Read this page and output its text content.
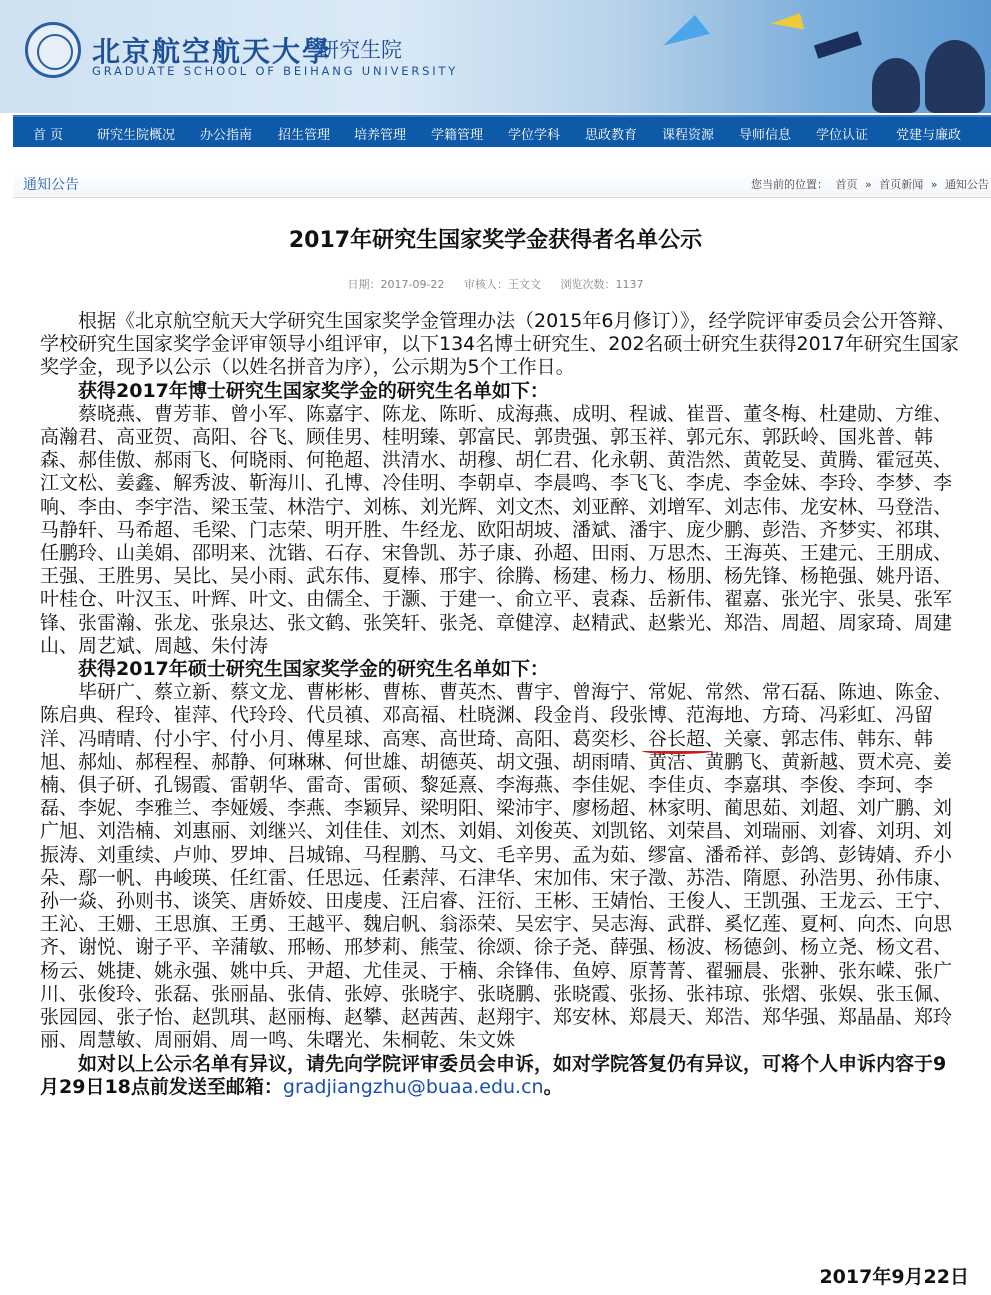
北京航空航天大學
研究生院
GRADUATE SCHOOL OF BEIHANG UNIVERSITY
首 页	研究生院概况 办公指南 招生管理 培养管理 学籍管理 学位学科 思政教育 课程资源 导师信息 学位认证 党建与廉政
通知公告	您当前的位置： 首页 » 首页新闻 » 通知公告
2017年研究生国家奖学金获得者名单公示
日期：2017-09-22 审核人：王文文 浏览次数：1137

根据《北京航空航天大学研究生国家奖学金管理办法（2015年6月修订）》，经学院评审委员会公开答辩、学校研究生国家奖学金评审领导小组评审，以下134名博士研究生、202名硕士研究生获得2017年研究生国家奖学金，现予以公示（以姓名拼音为序），公示期为5个工作日。

获得2017年博士研究生国家奖学金的研究生名单如下：

蔡晓燕、曹芳菲、曾小军、陈嘉宇、陈龙、陈昕、成海燕、成明、程诚、崔晋、董冬梅、杜建勋、方维、高瀚君、高亚贺、高阳、谷飞、顾佳男、桂明臻、郭富民、郭贵强、郭玉祥、郭元东、郭跃岭、国兆普、韩森、郝佳傲、郝雨飞、何晓雨、何艳超、洪清水、胡穆、胡仁君、化永朝、黄浩然、黄乾旻、黄腾、霍冠英、江文松、姜鑫、解秀波、靳海川、孔博、冷佳明、李朝卓、李晨鸣、李飞飞、李虎、李金妹、李玲、李梦、李响、李由、李宇浩、梁玉莹、林浩宁、刘栋、刘光辉、刘文杰、刘亚醉、刘增军、刘志伟、龙安林、马登浩、马静轩、马希超、毛梁、门志荣、明开胜、牛经龙、欧阳胡坡、潘斌、潘宇、庞少鹏、彭浩、齐梦实、祁琪、任鹏玲、山美娟、邵明来、沈锴、石存、宋鲁凯、苏子康、孙超、田雨、万思杰、王海英、王建元、王朋成、王强、王胜男、吴比、吴小雨、武东伟、夏棒、邢宇、徐腾、杨建、杨力、杨朋、杨先锋、杨艳强、姚丹语、叶桂仓、叶汉玉、叶辉、叶文、由儒全、于灏、于建一、俞立平、袁森、岳新伟、翟嘉、张光宇、张昊、张军锋、张雷瀚、张龙、张泉达、张文鹤、张笑轩、张尧、章健淳、赵精武、赵紫光、郑浩、周超、周家琦、周建山、周艺斌、周越、朱付涛

获得2017年硕士研究生国家奖学金的研究生名单如下：

毕研广、蔡立新、蔡文龙、曹彬彬、曹栋、曹英杰、曹宇、曾海宁、常妮、常然、常石磊、陈迪、陈金、陈启典、程玲、崔萍、代玲玲、代员禛、邓高福、杜晓渊、段金肖、段张博、范海地、方琦、冯彩虹、冯留洋、冯晴晴、付小宇、付小月、傅星球、高寒、高世琦、高阳、葛奕杉、谷长超、关豪、郭志伟、韩东、韩旭、郝灿、郝程程、郝静、何琳琳、何世雄、胡德英、胡文强、胡雨晴、黄洁、黄鹏飞、黄新越、贾术亮、姜楠、俱子研、孔锡霞、雷朝华、雷奇、雷硕、黎延熹、李海燕、李佳妮、李佳贞、李嘉琪、李俊、李珂、李磊、李妮、李雅兰、李娅媛、李燕、李颖异、梁明阳、梁沛宇、廖杨超、林家明、蔺思茹、刘超、刘广鹏、刘广旭、刘浩楠、刘惠丽、刘继兴、刘佳佳、刘杰、刘娟、刘俊英、刘凯铭、刘荣昌、刘瑞丽、刘睿、刘玥、刘振涛、刘重续、卢帅、罗坤、吕城锦、马程鹏、马文、毛辛男、孟为茹、缪富、潘希祥、彭鸽、彭铸婧、乔小朵、鄢一帆、冉峻瑛、任红雷、任思远、任素萍、石津华、宋加伟、宋子澂、苏浩、隋愿、孙浩男、孙伟康、孙一焱、孙则书、谈笑、唐娇姣、田虔虔、汪启睿、汪衍、王彬、王婧怡、王俊人、王凯强、王龙云、王宁、王沁、王姗、王思旗、王勇、王越平、魏启帆、翁添荣、吴宏宇、吴志海、武群、奚忆莲、夏柯、向杰、向思齐、谢悦、谢子平、辛蒲敏、邢畅、邢梦莉、熊莹、徐颂、徐子尧、薛强、杨波、杨德剑、杨立尧、杨文君、杨云、姚捷、姚永强、姚中兵、尹超、尤佳灵、于楠、余锋伟、鱼婷、原菁菁、翟骊晨、张翀、张东嵘、张广川、张俊玲、张磊、张丽晶、张倩、张婷、张晓宇、张晓鹏、张晓霞、张扬、张祎琼、张熠、张娱、张玉佩、张园园、张子怡、赵凯琪、赵丽梅、赵攀、赵茜茜、赵翔宇、郑安林、郑晨天、郑浩、郑华强、郑晶晶、郑玲丽、周慧敏、周丽娟、周一鸣、朱曙光、朱桐乾、朱文姝

如对以上公示名单有异议，请先向学院评审委员会申诉，如对学院答复仍有异议，可将个人申诉内容于9月29日18点前发送至邮箱：gradjiangzhu@buaa.edu.cn。

2017年9月22日
